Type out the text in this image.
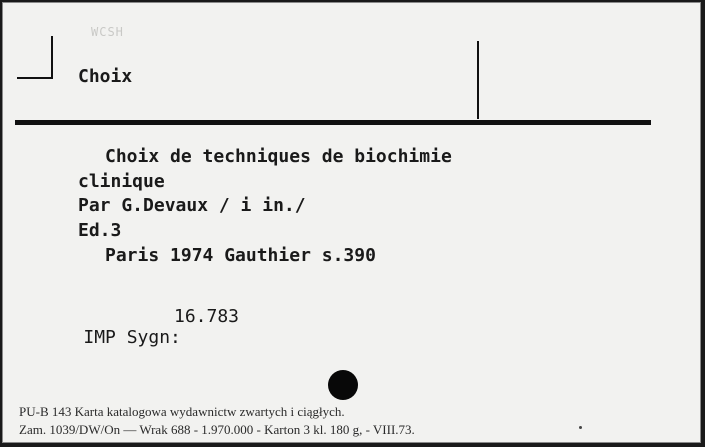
WCSH
Choix
Choix de techniques de biochimie
clinique
Par G.Devaux / i in./
Ed.3
Paris 1974 Gauthier s.390

IMP Sygn:

16.783

PU-B 143 Karta katalogowa wydawnictw zwartych i ciągłych.
Zam. 1039/DW/On — Wrak 688 - 1.970.000 - Karton 3 kl. 180 g, - VIII.73.
